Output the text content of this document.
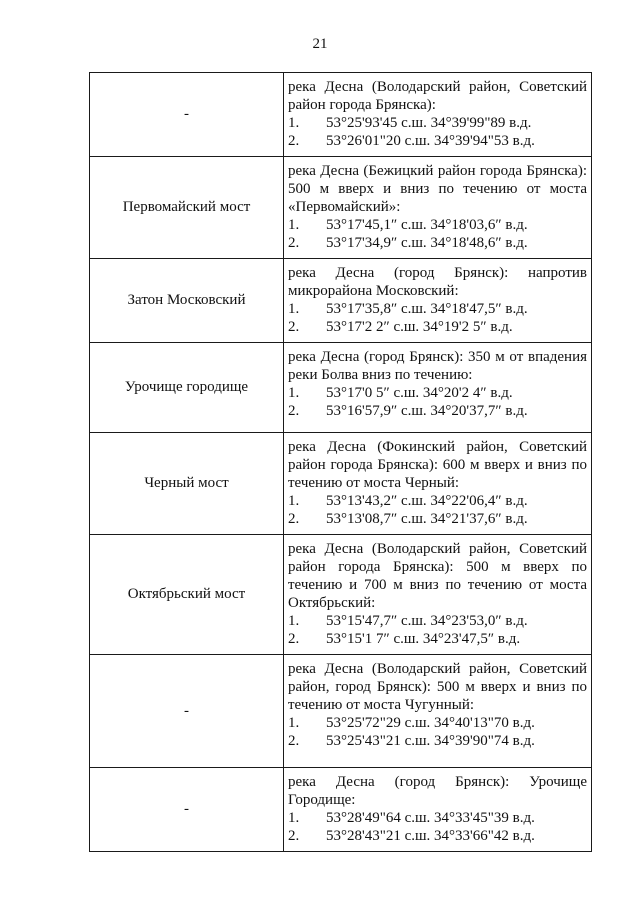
21
-	река Десна (Володарский район, Советский район города Брянска):
1. 53°25'93'45 с.ш. 34°39'99"89 в.д.
2. 53°26'01"20 с.ш. 34°39'94"53 в.д.

Первомайский мост	река Десна (Бежицкий район города Брянска): 500 м вверх и вниз по течению от моста «Первомайский»:
1. 53°17'45,1″ с.ш. 34°18'03,6″ в.д.
2. 53°17'34,9″ с.ш. 34°18'48,6″ в.д.

Затон Московский	река Десна (город Брянск): напротив микрорайона Московский:
1. 53°17'35,8″ с.ш. 34°18'47,5″ в.д.
2. 53°17'2 2″ с.ш. 34°19'2 5″ в.д.

Урочище городище	река Десна (город Брянск): 350 м от впадения реки Болва вниз по течению:
1. 53°17'0 5″ с.ш. 34°20'2 4″ в.д.
2. 53°16'57,9″ с.ш. 34°20'37,7″ в.д.

Черный мост	река Десна (Фокинский район, Советский район города Брянска): 600 м вверх и вниз по течению от моста Черный:
1. 53°13'43,2″ с.ш. 34°22'06,4″ в.д.
2. 53°13'08,7″ с.ш. 34°21'37,6″ в.д.

Октябрьский мост	река Десна (Володарский район, Советский район города Брянска): 500 м вверх по течению и 700 м вниз по течению от моста Октябрьский:
1. 53°15'47,7″ с.ш. 34°23'53,0″ в.д.
2. 53°15'1 7″ с.ш. 34°23'47,5″ в.д.

-	река Десна (Володарский район, Советский район, город Брянск): 500 м вверх и вниз по течению от моста Чугунный:
1. 53°25'72"29 с.ш. 34°40'13"70 в.д.
2. 53°25'43"21 с.ш. 34°39'90"74 в.д.

-	река Десна (город Брянск): Урочище Городище:
1. 53°28'49"64 с.ш. 34°33'45"39 в.д.
2. 53°28'43"21 с.ш. 34°33'66"42 в.д.
